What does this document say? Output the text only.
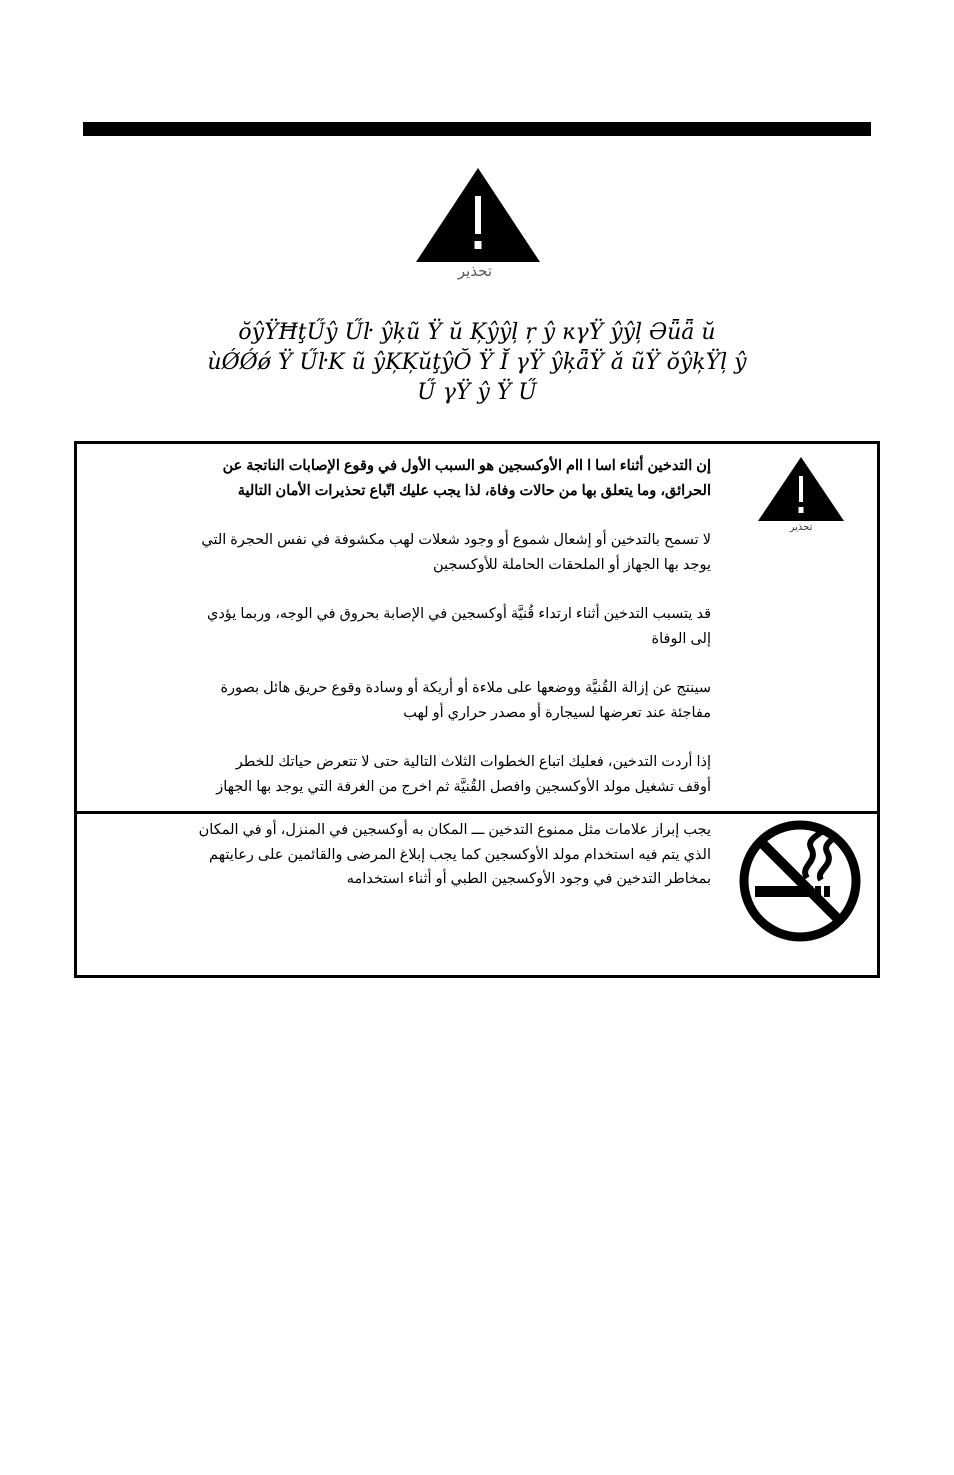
تحذير
ŏŷŸĦţŰŷ Űŀ ŷķũ Ÿ ŭ Ķŷŷļ ŗ ŷ ĸγŸ ŷŷļ Əǖǟ ŭ
ùǾǾǿ Ÿ ŰŀK ũ ŷĶĶŭţŷŎ Ÿ Ĭ γŸ ŷķǟŸ ǎ ũŸ ŏŷķŸļ ŷ
Ű γŸ ŷ Ÿ Ű
تحذير

إن التدخين أثناء اسا ا اام الأوكسجين هو السبب الأول في وقوع الإصابات الناتجة عن
الحرائق، وما يتعلق بها من حالات وفاة، لذا يجب عليك اتّباع تحذيرات الأمان التالية

لا تسمح بالتدخين أو إشعال شموع أو وجود شعلات لهب مكشوفة في نفس الحجرة التي
يوجد بها الجهاز أو الملحقات الحاملة للأوكسجين

قد يتسبب التدخين أثناء ارتداء قُنيَّة أوكسجين في الإصابة بحروق في الوجه، وربما يؤدي
إلى الوفاة

سينتج عن إزالة القُنيَّة ووضعها على ملاءة أو أريكة أو وسادة وقوع حريق هائل بصورة
مفاجئة عند تعرضها لسيجارة أو مصدر حراري أو لهب

إذا أردت التدخين، فعليك اتباع الخطوات الثلاث التالية حتى لا تتعرض حياتك للخطر
أوقف تشغيل مولد الأوكسجين وافصل القُنيَّة ثم اخرج من الغرفة التي يوجد بها الجهاز

يجب إبراز علامات مثل ممنوع التدخين ـــ المكان به أوكسجين في المنزل، أو في المكان

الذي يتم فيه استخدام مولد الأوكسجين كما يجب إبلاغ المرضى والقائمين على رعايتهم

بمخاطر التدخين في وجود الأوكسجين الطبي أو أثناء استخدامه
